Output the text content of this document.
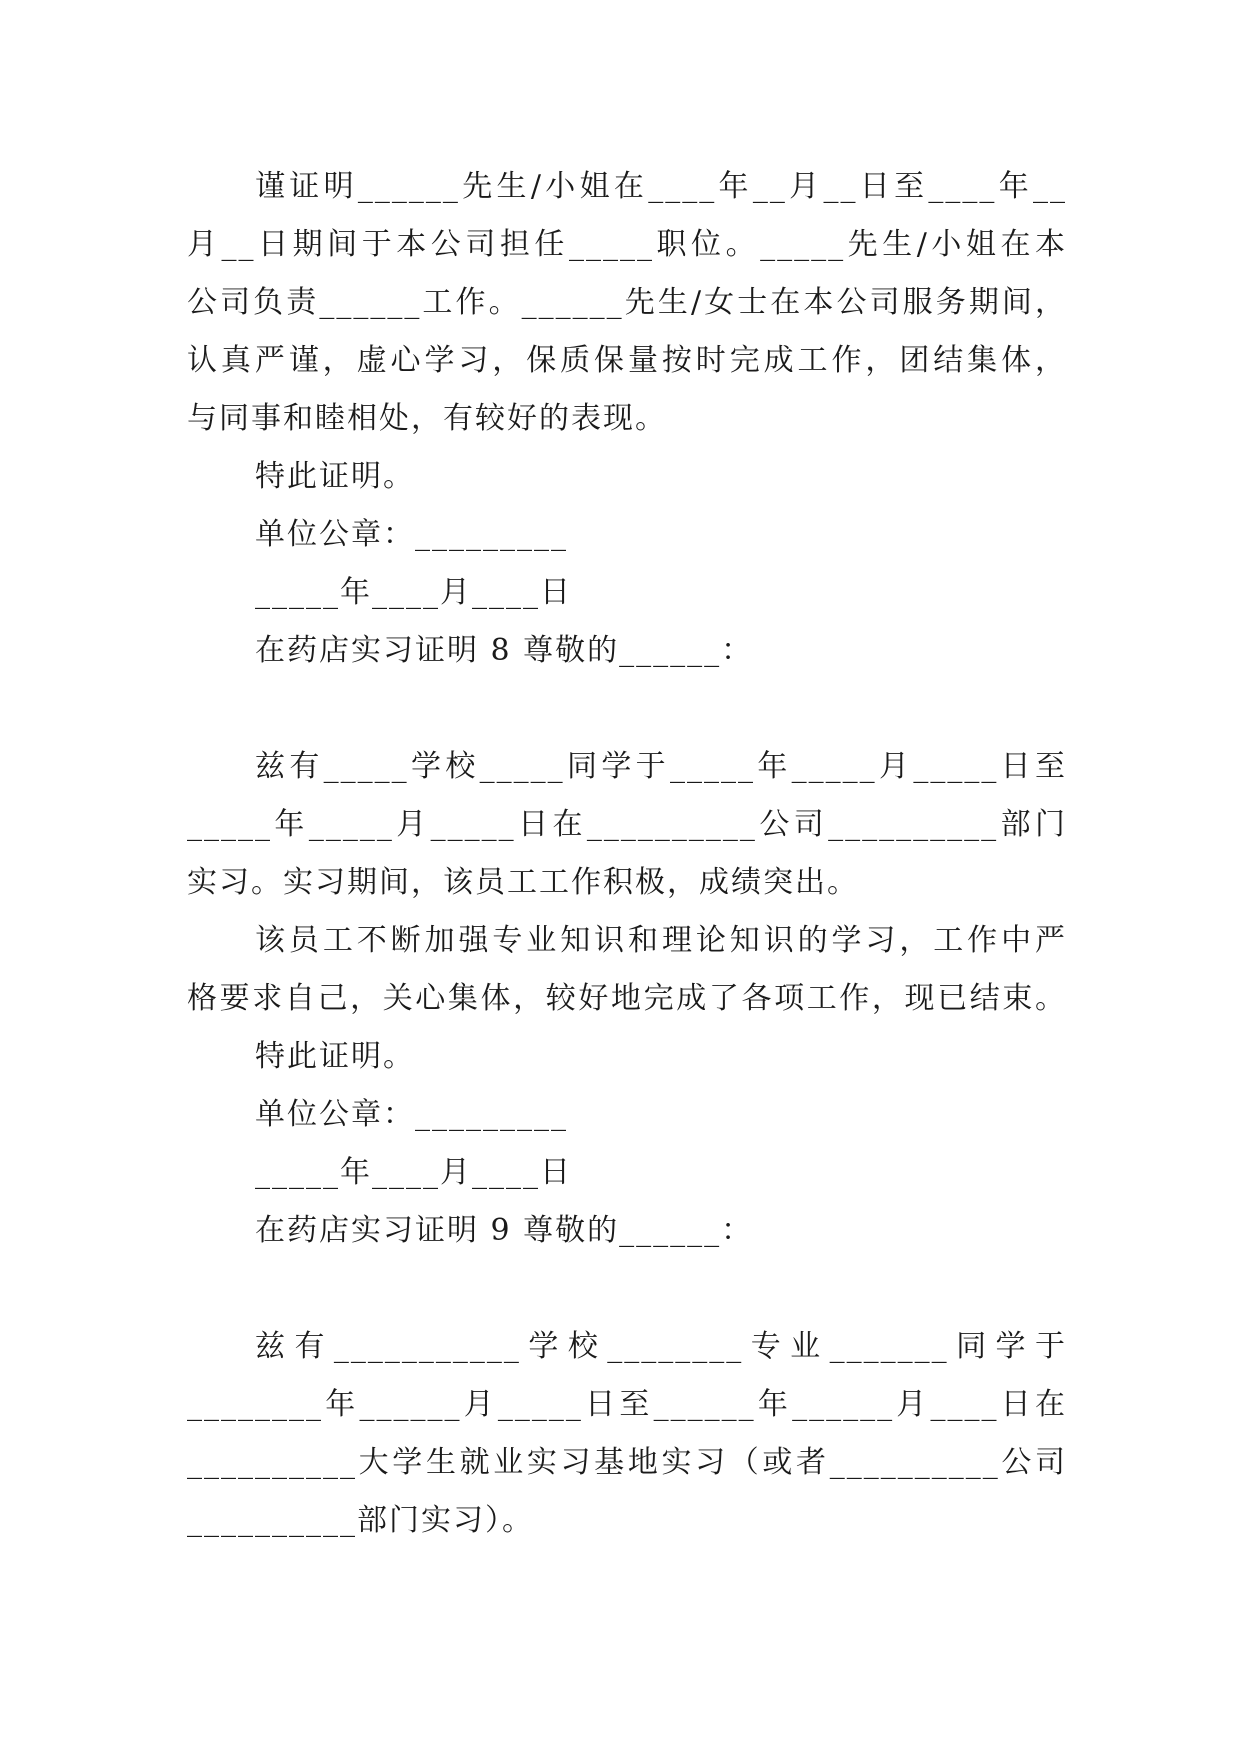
谨证明______先生/小姐在____年__月__日至____年__
月__日期间于本公司担任_____职位。_____先生/小姐在本
公司负责______工作。______先生/女士在本公司服务期间，
认真严谨，虚心学习，保质保量按时完成工作，团结集体，
与同事和睦相处，有较好的表现。
特此证明。
单位公章：_________
_____年____月____日
在药店实习证明 8 尊敬的______：
兹有_____学校_____同学于_____年_____月_____日至
_____年_____月_____日在__________公司__________部门
实习。实习期间，该员工工作积极，成绩突出。
该员工不断加强专业知识和理论知识的学习，工作中严
格要求自己，关心集体，较好地完成了各项工作，现已结束。
特此证明。
单位公章：_________
_____年____月____日
在药店实习证明 9 尊敬的______：
兹有___________学校________专业_______同学于
________年______月_____日至______年______月____日在
__________大学生就业实习基地实习（或者__________公司
__________部门实习）。
